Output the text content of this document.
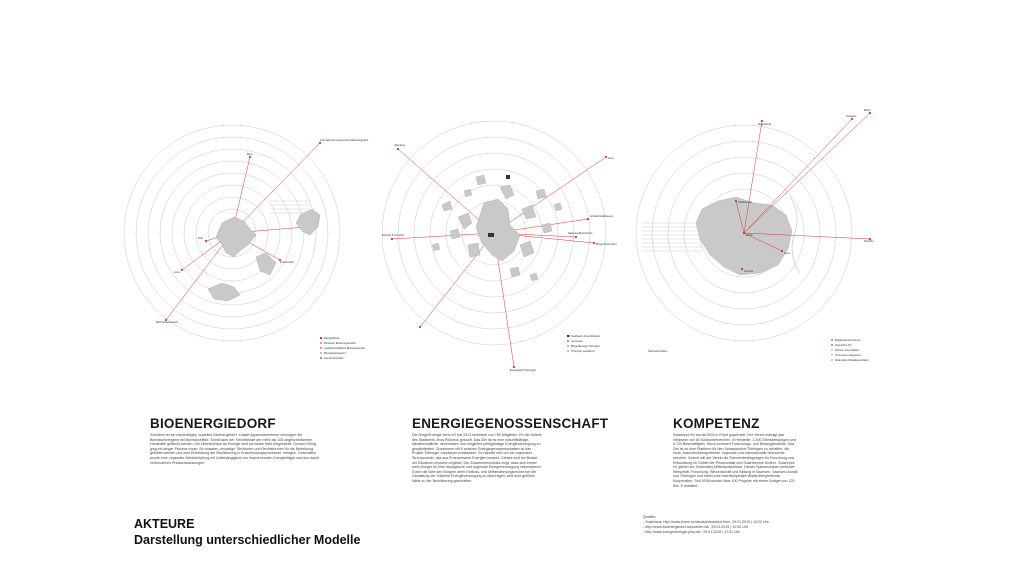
internationale partnerische Bioenergiedorf
Biom
Dorf
Jena
Kooperation
Bad Klosterlausnitz
Energieflüsse
Personen Einbezugsmodell
Landwirtschaftliche Betriebe/Landw.
Biomassetransport
Gemeindestraße
Altenburg
Gera
Weimar & Tonndorf
Großschwabhausen
Saale-Holzland-Kreis
Bürgerfonds Nord
Energieland Thüringen
Stadtwerk Jena-Pößneck
Genossen
BürgerEnergie Thüringen
Thüringer Landstrom
Magdeburg
Potsdam
Berlin
Nordhausen
Erfurt
Jena
Ilmenau
Dresden
Netzwerkstruktur
Mitgliedsunternehmen
Netzwerke SV
Partner Universitäten
Kommunen-/Regionen
Solarvalley Mitteldeutschland
BIOENERGIEDORF

Schlöben ist ein nachhaltiges, autarkes Bioenergiedorf. Lokale Agrarunternehmer versorgen die Biomassevergärer mit Biomassefilter. Somit kann der Strombedarf der mehr als 100 angeschlossenen Haushalte gedeckt werden. Die Überschüsse an Energie wird ins lokale Netz eingespeist. Dessen Erfolg ging ein langer Prozess voran. Es mussten ‚neuartige' Strukturen und Rechtsformen für die Betreibung' gebildet werden und eine Einbindung der Bevölkerung in Entscheidungsprozessen' erfolgen. Geschaffen wurde eine ‚regionale Wertschöpfung mit Unabhängigkeit von Import-fossilen Energieträger und den damit verbundenen Preisschwankungen'.

ENERGIEGENOSSENSCHAFT

Die BürgerEnergie Jena eG hat 2013 mehrfach von 750 Mitglieder 2% der Anteile des Stadtwerk Jena-Pößneck gekauft. Das Ziel ist es eine zukunftsfähige, klimafreundliche, dezentralen und möglichst preisgünstige Energieversorgung zu gewährleisten. Zusammen mit 6 anderen Energiegenossenschaften ist das Projekt Thüringer Landstrom entstanden. Es handelt sich um ein regionales Stromprodukt, das aus Erneuerbaren Energien besteht. Dieses wird bei Bedarf mit Ökostrom Importen ergänzt. Der Zusammenschluss zeigt, dass sich immer mehr Bürger für eine ökologische und regionale Energieversorgung interessieren. Durch die Idee den Bürgern mehr Einfluss- und Mitbestimmungsrechte bei der Gestaltung der örtlichen Energieversorgung zu übertragen, wird eine größere Nähe zu der Bevölkerung geschaffen.

KOMPETENZ

SolarInput eV wurde 2003 in Erfurt gegründet. Der Verein managt das Netzwerk von 60 Solarunternehmen, 8 Hersteller, 2.300 Dienstleistungen und 6.730 Beschäftigten. Hinzu kommen Forschungs- und Bildungsinstitute. Das Ziel ist es eine Plattform für den Solarstandort Thüringen zu schaffen, die neue, branchenübergreifende, regionale und internationale Netzwerke errichtet. Zudem will der Verein die Rahmenbedingungen für Forschung und Entwicklung im Gebiet der Photovoltaik und Solarthermie fördern. SolarInput eV gehört zur Solarvalley Mitteldeutschland. Dieses Spitzencluster verbindet Wirtschaft, Forschung, Wissenschaft und Bildung in Sachsen, Sachsen-Anhalt und Thüringen und bietet eine interdisziplinäre länderübergreifende Kooperation. Seit 2008 wurden über 100 Projekte mit einem Budget von 120 Mio. € realisiert.

AKTEURE
Darstellung unterschiedlicher Modelle
Quellen:
- Solarhaus: http://www.thoen.eu/deutsch/solarhof.html, 29.01.2015 | 10:20 Uhr
- http://www.bioenergiedorf-schloeben.de/, 29.01.2015 | 10:50 Uhr
- http://www.buergerenergie-jena.de/, 29.01.2015 | 12:31 Uhr
